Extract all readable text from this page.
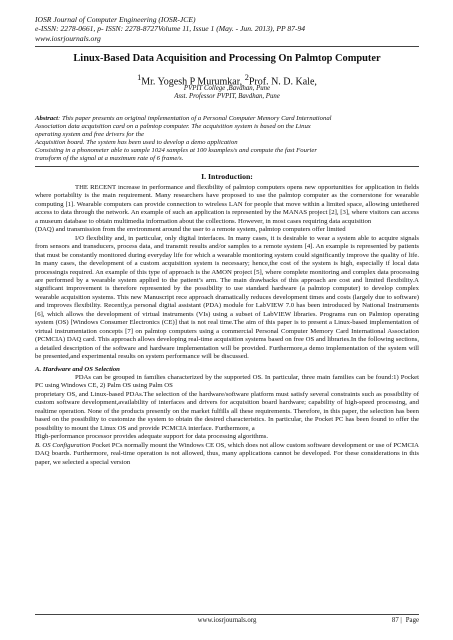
IOSR Journal of Computer Engineering (IOSR-JCE)
e-ISSN: 2278-0661, p- ISSN: 2278-8727Volume 11, Issue 1 (May. - Jun. 2013), PP 87-94
www.iosrjournals.org
Linux-Based Data Acquisition and Processing On Palmtop Computer
$^1$Mr. Yogesh P Murumkar, $^2$Prof. N. D. Kale,
PVPIT College ,Bavdhan, Pune
Asst. Professor PVPIT, Bavdhan, Pune
Abstract: This paper presents an original implementation of a Personal Computer Memory Card International
Association data acquisition card on a palmtop computer. The acquisition system is based on the Linux
operating system and free drivers for the
Acquisition board. The system has been used to develop a demo application
Consisting in a phonometer able to sample 1024 samples at 100 ksamples/s and compute the fast Fourier
transform of the signal at a maximum rate of 6 frame/s.
I. Introduction:

THE RECENT increase in performance and flexibility of palmtop computers opens new opportunities for application in fields where portability is the main requirement. Many researchers have proposed to use the palmtop computer as the cornerstone for wearable computing [1]. Wearable computers can provide connection to wireless LAN for people that move within a limited space, allowing untethered access to data through the network. An example of such an application is represented by the MANAS project [2], [3], where visitors can access a museum database to obtain multimedia information about the collections. However, in most cases requiring data acquisition

(DAQ) and transmission from the environment around the user to a remote system, palmtop computers offer limited

I/O flexibility and, in particular, only digital interfaces. In many cases, it is desirable to wear a system able to acquire signals from sensors and transducers, process data, and transmit results and/or samples to a remote system [4]. An example is represented by patients that must be constantly monitored during everyday life for which a wearable monitoring system could significantly improve the quality of life. In many cases, the development of a custom acquisition system is necessary; hence,the cost of the system is high, especially if local data processingis required. An example of this type of approach is the AMON project [5], where complete monitoring and complex data processing are performed by a wearable system applied to the patient’s arm. The main drawbacks of this approach are cost and limited flexibility.A significant improvement is therefore represented by the possibility to use standard hardware (a palmtop computer) to develop complex wearable acquisition systems. This new Manuscript rece approach dramatically reduces development times and costs (largely due to software) and improves flexibility. Recently,a personal digital assistant (PDA) module for LabVIEW 7.0 has been introduced by National Instruments [6], which allows the development of virtual instruments (VIs) using a subset of LabVIEW libraries. Programs run on Palmtop operating system (OS) [Windows Consumer Electronics (CE)] that is not real time.The aim of this paper is to present a Linux-based implementation of virtual instrumentation concepts [7] on palmtop computers using a commercial Personal Computer Memory Card International Association (PCMCIA) DAQ card. This approach allows developing real-time acquisition systems based on free OS and libraries.In the following sections, a detailed description of the software and hardware implementation will be provided. Furthermore,a demo implementation of the system will be presented,and experimental results on system performance will be discussed.

A. Hardware and OS Selection

PDAs can be grouped in families characterized by the supported OS. In particular, three main families can be found:1) Pocket PC using Windows CE, 2) Palm OS using Palm OS

proprietary OS, and Linux-based PDAs.The selection of the hardware/software platform must satisfy several constraints such as possibility of custom software development,availability of interfaces and drivers for acquisition board hardware; capability of high-speed processing, and realtime operation. None of the products presently on the market fulfills all these requirements. Therefore, in this paper, the selection has been based on the possibility to customize the system to obtain the desired characteristics. In particular, the Pocket PC has been found to offer the possibility to mount the Linux OS and provide PCMCIA interface. Furthermore, a

High-performance processor provides adequate support for data processing algorithms.

B. OS Configuration Pocket PCs normally mount the Windows CE OS, which does not allow custom software development or use of PCMCIA DAQ boards. Furthermore, real-time operation is not allowed, thus, many applications cannot be developed. For these considerations in this paper, we selected a special version

www.iosrjournals.org	87 | Page
